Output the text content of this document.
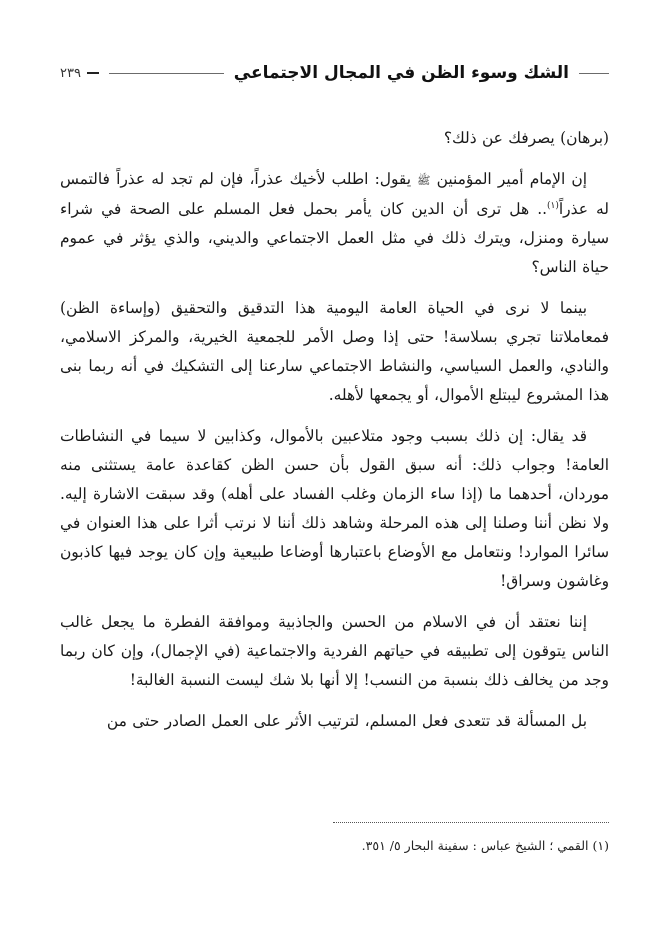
٢٣٩	الشك وسوء الظن في المجال الاجتماعي

(برهان) يصرفك عن ذلك؟

إن الإمام أمير المؤمنين ﷺ يقول: اطلب لأخيك عذراً، فإن لم تجد له عذراً فالتمس له عذراً$^{(١)}$.. هل ترى أن الدين كان يأمر بحمل فعل المسلم على الصحة في شراء سيارة ومنزل، ويترك ذلك في مثل العمل الاجتماعي والديني، والذي يؤثر في عموم حياة الناس؟

بينما لا نرى في الحياة العامة اليومية هذا التدقيق والتحقيق (وإساءة الظن) فمعاملاتنا تجري بسلاسة! حتى إذا وصل الأمر للجمعية الخيرية، والمركز الاسلامي، والنادي، والعمل السياسي، والنشاط الاجتماعي سارعنا إلى التشكيك في أنه ربما بنى هذا المشروع ليبتلع الأموال، أو يجمعها لأهله.

قد يقال: إن ذلك بسبب وجود متلاعبين بالأموال، وكذابين لا سيما في النشاطات العامة! وجواب ذلك: أنه سبق القول بأن حسن الظن كقاعدة عامة يستثنى منه موردان، أحدهما ما (إذا ساء الزمان وغلب الفساد على أهله) وقد سبقت الاشارة إليه. ولا نظن أننا وصلنا إلى هذه المرحلة وشاهد ذلك أننا لا نرتب أثرا على هذا العنوان في سائرا الموارد! ونتعامل مع الأوضاع باعتبارها أوضاعا طبيعية وإن كان يوجد فيها كاذبون وغاشون وسراق!

إننا نعتقد أن في الاسلام من الحسن والجاذبية وموافقة الفطرة ما يجعل غالب الناس يتوقون إلى تطبيقه في حياتهم الفردية والاجتماعية (في الإجمال)، وإن كان ربما وجد من يخالف ذلك بنسبة من النسب! إلا أنها بلا شك ليست النسبة الغالبة!

بل المسألة قد تتعدى فعل المسلم، لترتيب الأثر على العمل الصادر حتى من

(١) القمي ؛ الشيخ عباس : سفينة البحار ٥/ ٣٥١.
